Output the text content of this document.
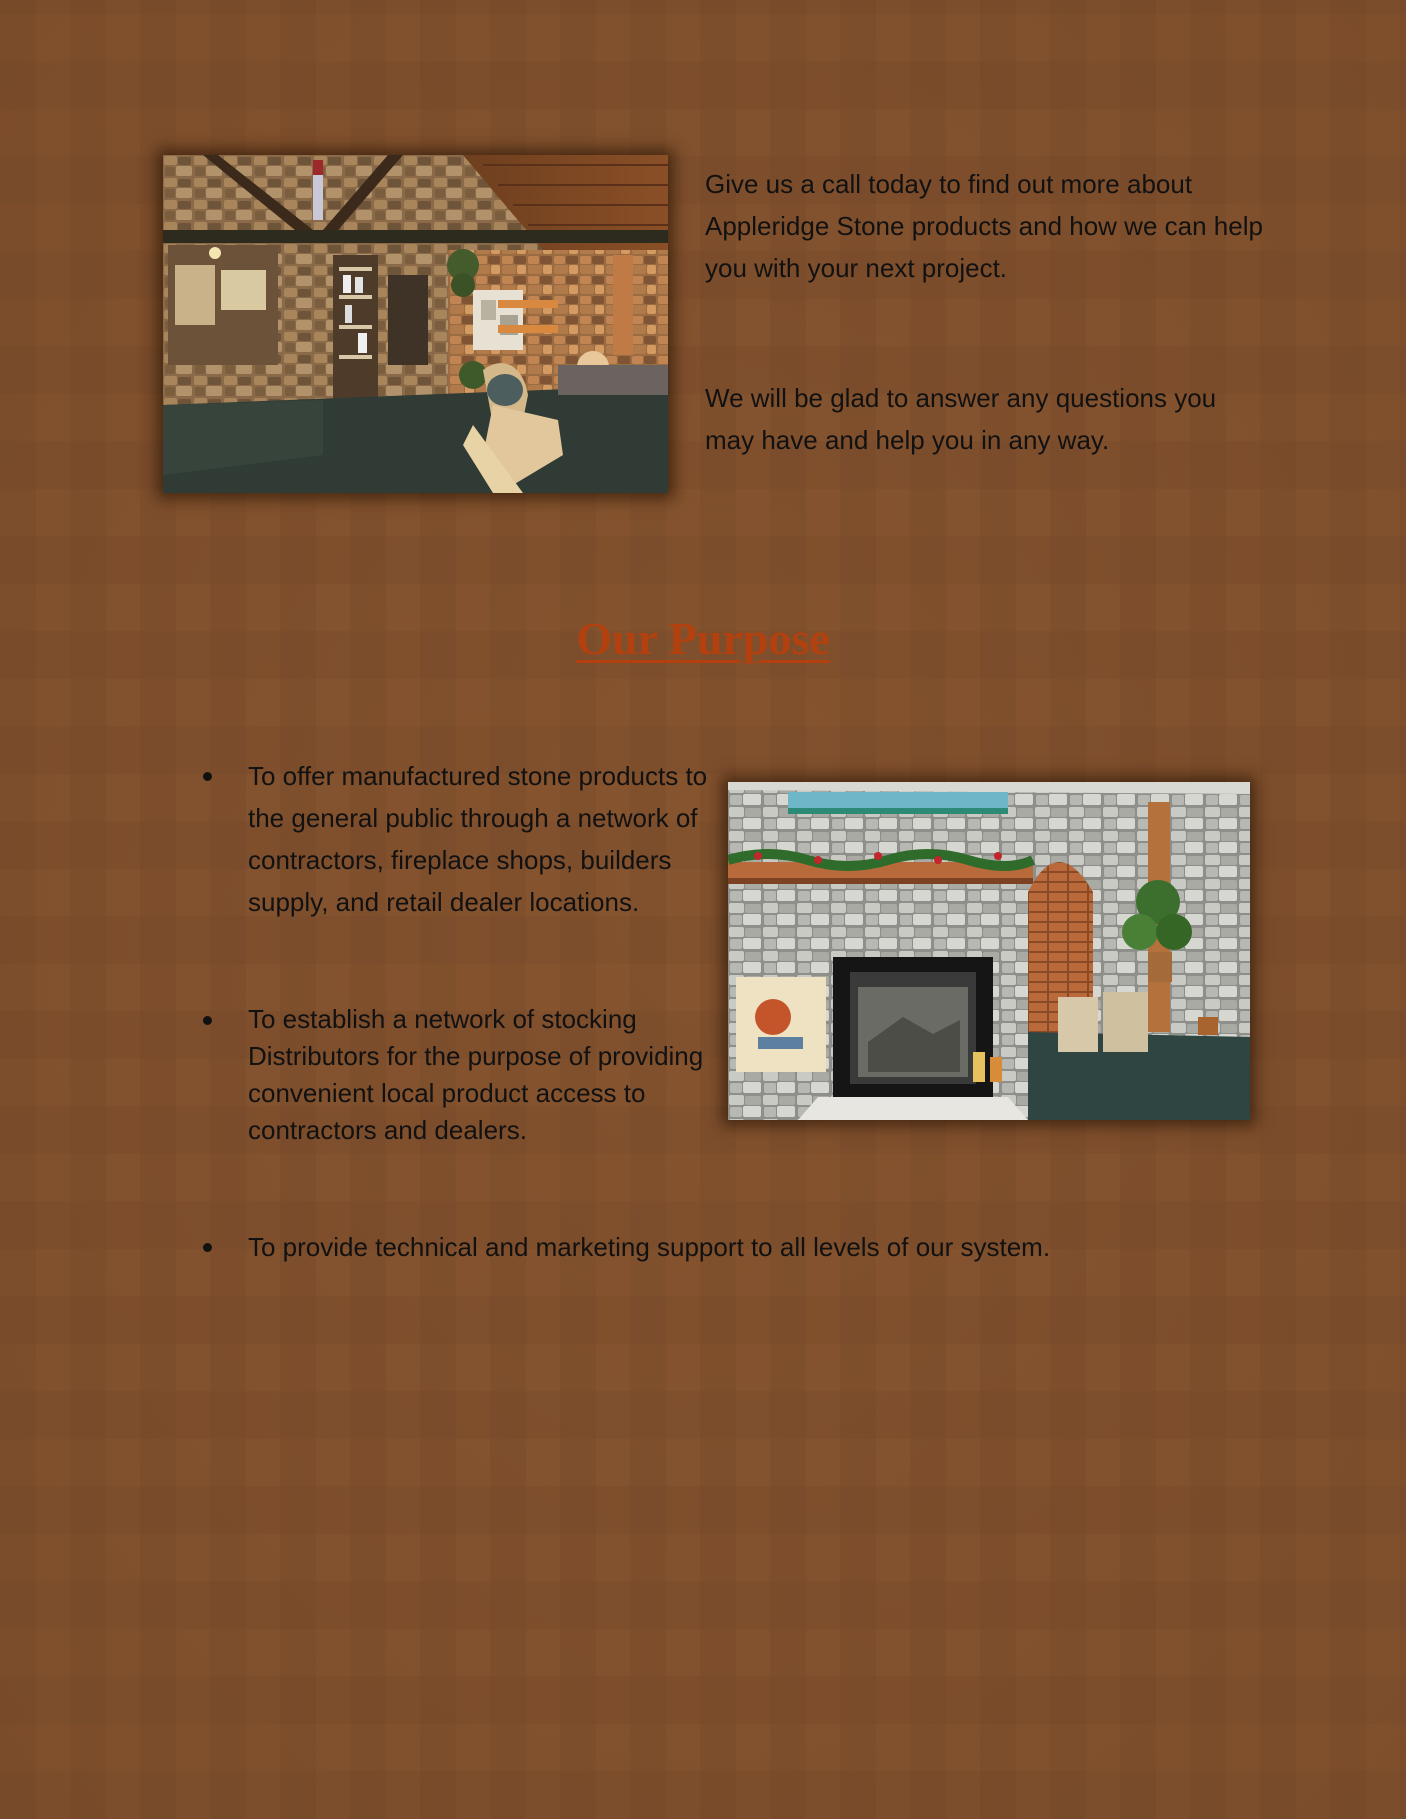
Give us a call today to find out more about Appleridge Stone products and how we can help you with your next project.
We will be glad to answer any questions you may have and help you in any way.
Our Purpose
To offer manufactured stone products to the general public through a network of contractors, fireplace shops, builders supply, and retail dealer locations.
To establish a network of stocking Distributors for the purpose of providing convenient local product access to contractors and dealers.
To provide technical and marketing support to all levels of our system.
